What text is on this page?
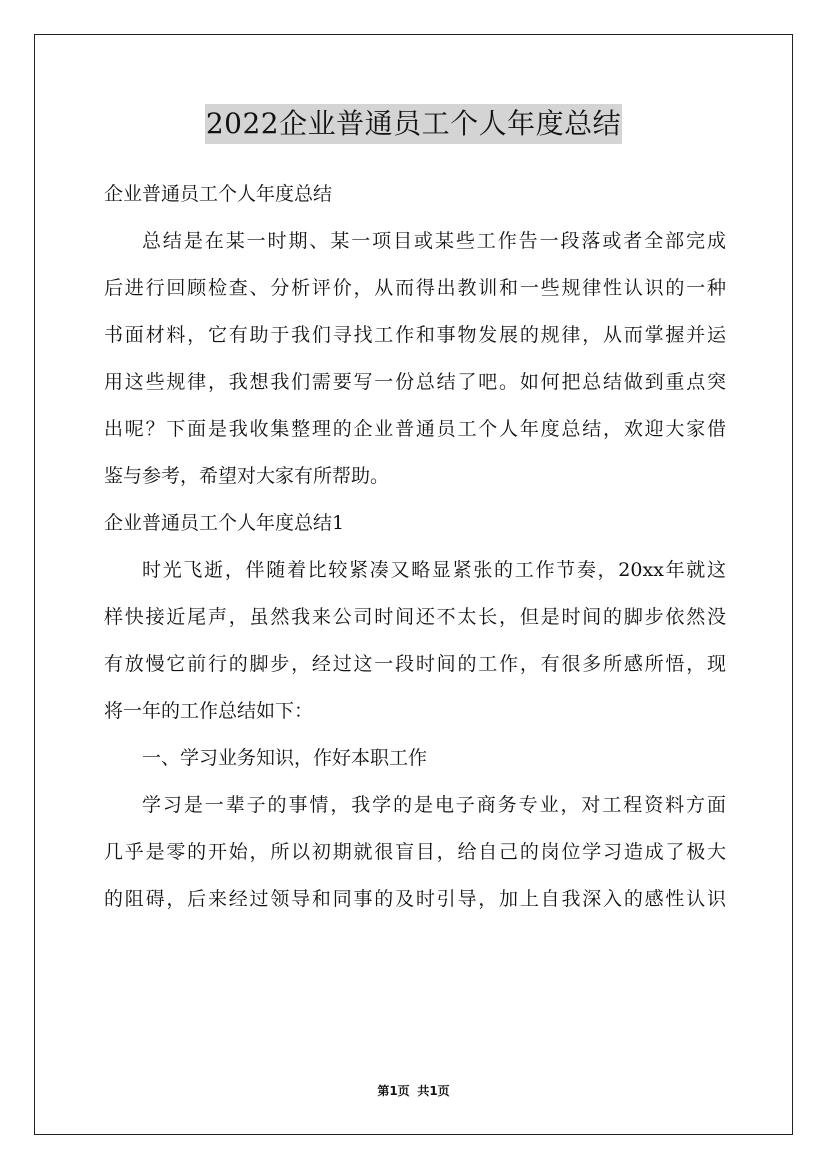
2022企业普通员工个人年度总结

企业普通员工个人年度总结

总结是在某一时期、某一项目或某些工作告一段落或者全部完成

后进行回顾检查、分析评价，从而得出教训和一些规律性认识的一种

书面材料，它有助于我们寻找工作和事物发展的规律，从而掌握并运

用这些规律，我想我们需要写一份总结了吧。如何把总结做到重点突

出呢？下面是我收集整理的企业普通员工个人年度总结，欢迎大家借

鉴与参考，希望对大家有所帮助。

企业普通员工个人年度总结1

时光飞逝，伴随着比较紧凑又略显紧张的工作节奏，20xx年就这

样快接近尾声，虽然我来公司时间还不太长，但是时间的脚步依然没

有放慢它前行的脚步，经过这一段时间的工作，有很多所感所悟，现

将一年的工作总结如下：

一、学习业务知识，作好本职工作

学习是一辈子的事情，我学的是电子商务专业，对工程资料方面

几乎是零的开始，所以初期就很盲目，给自己的岗位学习造成了极大

的阻碍，后来经过领导和同事的及时引导，加上自我深入的感性认识

第1页 共1页
